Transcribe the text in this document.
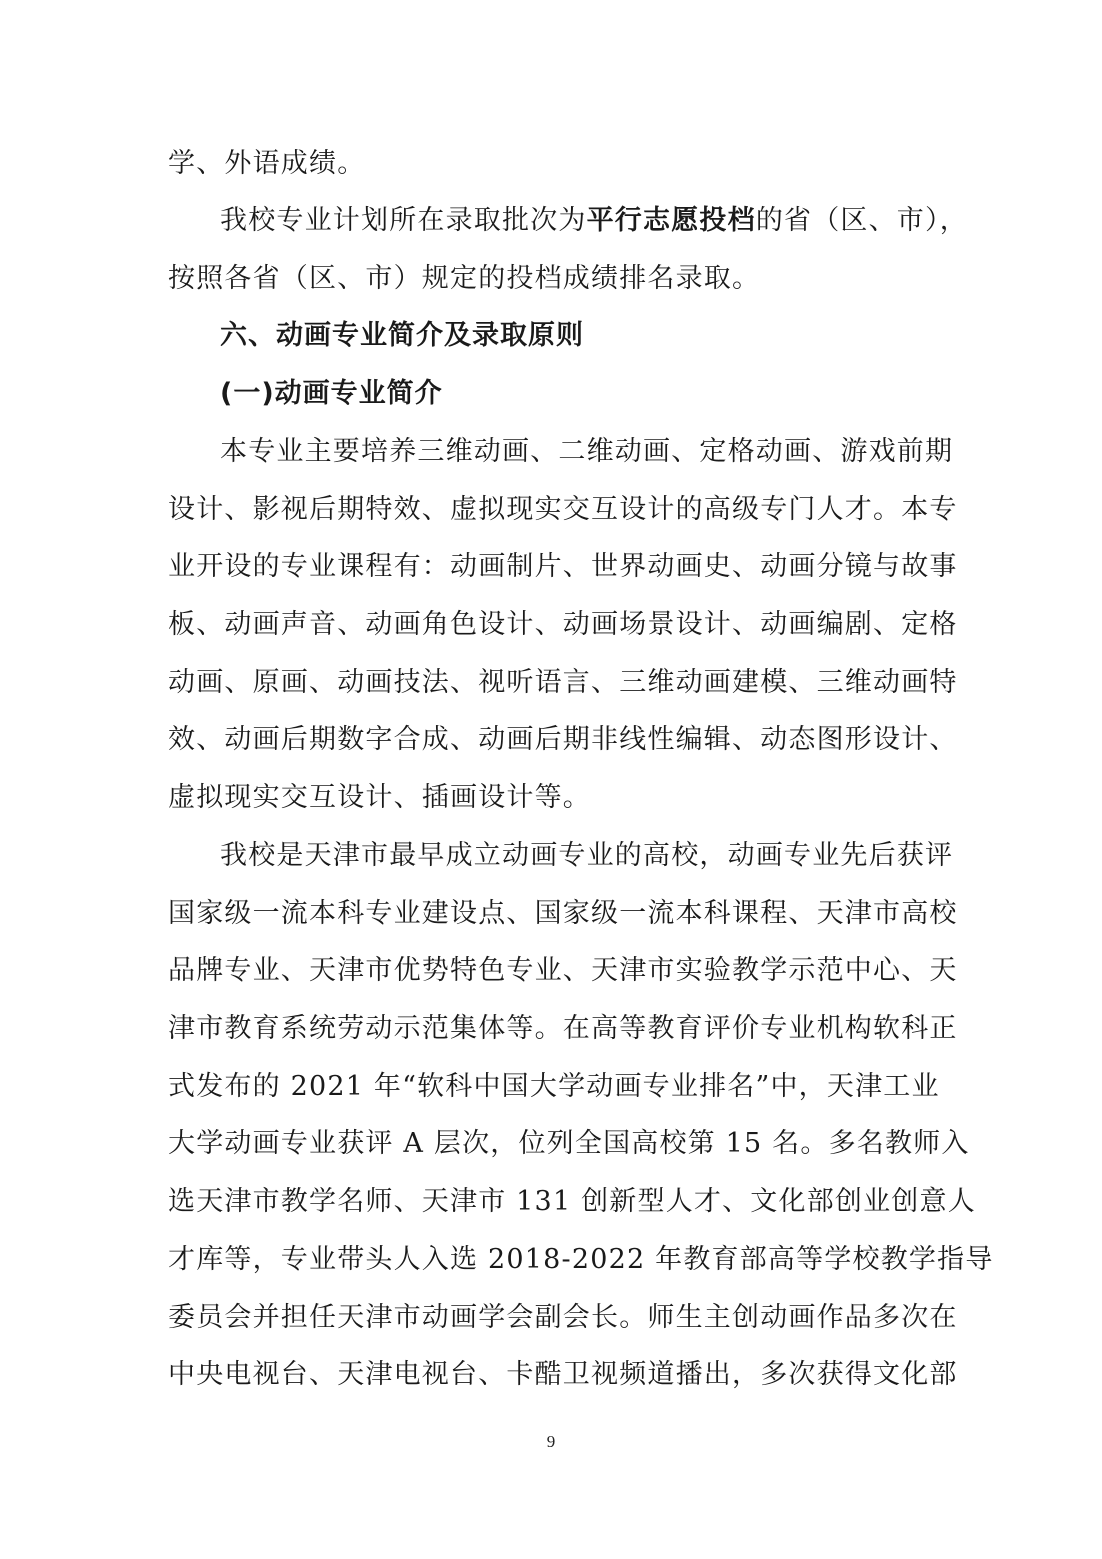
学、外语成绩。
我校专业计划所在录取批次为平行志愿投档的省（区、市），
按照各省（区、市）规定的投档成绩排名录取。
六、动画专业简介及录取原则
(一)动画专业简介
本专业主要培养三维动画、二维动画、定格动画、游戏前期
设计、影视后期特效、虚拟现实交互设计的高级专门人才。本专
业开设的专业课程有：动画制片、世界动画史、动画分镜与故事
板、动画声音、动画角色设计、动画场景设计、动画编剧、定格
动画、原画、动画技法、视听语言、三维动画建模、三维动画特
效、动画后期数字合成、动画后期非线性编辑、动态图形设计、
虚拟现实交互设计、插画设计等。
我校是天津市最早成立动画专业的高校，动画专业先后获评
国家级一流本科专业建设点、国家级一流本科课程、天津市高校
品牌专业、天津市优势特色专业、天津市实验教学示范中心、天
津市教育系统劳动示范集体等。在高等教育评价专业机构软科正
式发布的 2021 年“软科中国大学动画专业排名”中，天津工业
大学动画专业获评 A 层次，位列全国高校第 15 名。多名教师入
选天津市教学名师、天津市 131 创新型人才、文化部创业创意人
才库等，专业带头人入选 2018-2022 年教育部高等学校教学指导
委员会并担任天津市动画学会副会长。师生主创动画作品多次在
中央电视台、天津电视台、卡酷卫视频道播出，多次获得文化部
9
